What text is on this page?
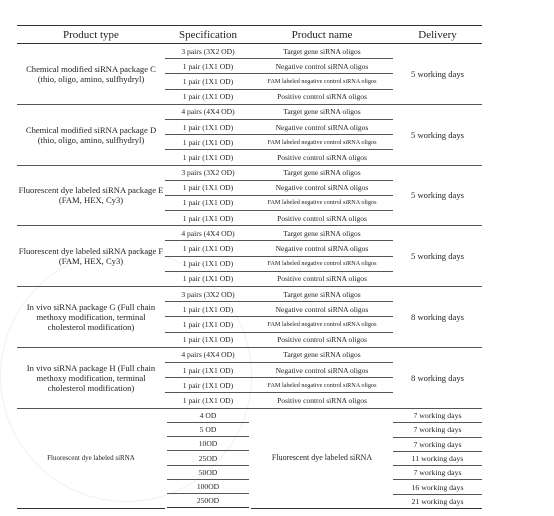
Product type	Specification	Product name	Delivery
Chemical modified siRNA package C (thio, oligo, amino, sulfhydryl)	3 pairs (3X2 OD)	Target gene siRNA oligos	5 working days
	1 pair (1X1 OD)	Negative control siRNA oligos	
	1 pair (1X1 OD)	FAM labeled negative control siRNA oligos	
	1 pair (1X1 OD)	Positive control siRNA oligos	
Chemical modified siRNA package D (thio, oligo, amino, sulfhydryl)	4 pairs (4X4 OD)	Target gene siRNA oligos	5 working days
	1 pair (1X1 OD)	Negative control siRNA oligos	
	1 pair (1X1 OD)	FAM labeled negative control siRNA oligos	
	1 pair (1X1 OD)	Positive control siRNA oligos	
Fluorescent dye labeled siRNA package E (FAM, HEX, Cy3)	3 pairs (3X2 OD)	Target gene siRNA oligos	5 working days
	1 pair (1X1 OD)	Negative control siRNA oligos	
	1 pair (1X1 OD)	FAM labeled negative control siRNA oligos	
	1 pair (1X1 OD)	Positive control siRNA oligos	
Fluorescent dye labeled siRNA package F (FAM, HEX, Cy3)	4 pairs (4X4 OD)	Target gene siRNA oligos	5 working days
	1 pair (1X1 OD)	Negative control siRNA oligos	
	1 pair (1X1 OD)	FAM labeled negative control siRNA oligos	
	1 pair (1X1 OD)	Positive control siRNA oligos	
In vivo siRNA package G (Full chain methoxy modification, terminal cholesterol modification)	3 pairs (3X2 OD)	Target gene siRNA oligos	8 working days
	1 pair (1X1 OD)	Negative control siRNA oligos	
	1 pair (1X1 OD)	FAM labeled negative control siRNA oligos	
	1 pair (1X1 OD)	Positive control siRNA oligos	
In vivo siRNA package H (Full chain methoxy modification, terminal cholesterol modification)	4 pairs (4X4 OD)	Target gene siRNA oligos	8 working days
	1 pair (1X1 OD)	Negative control siRNA oligos	
	1 pair (1X1 OD)	FAM labeled negative control siRNA oligos	
	1 pair (1X1 OD)	Positive control siRNA oligos	
Fluorescent dye labeled siRNA	4 OD	Fluorescent dye labeled siRNA	7 working days
	5 OD		7 working days
	10OD		7 working days
	25OD		11 working days
	50OD		7 working days
	100OD		16 working days
	250OD		21 working days
